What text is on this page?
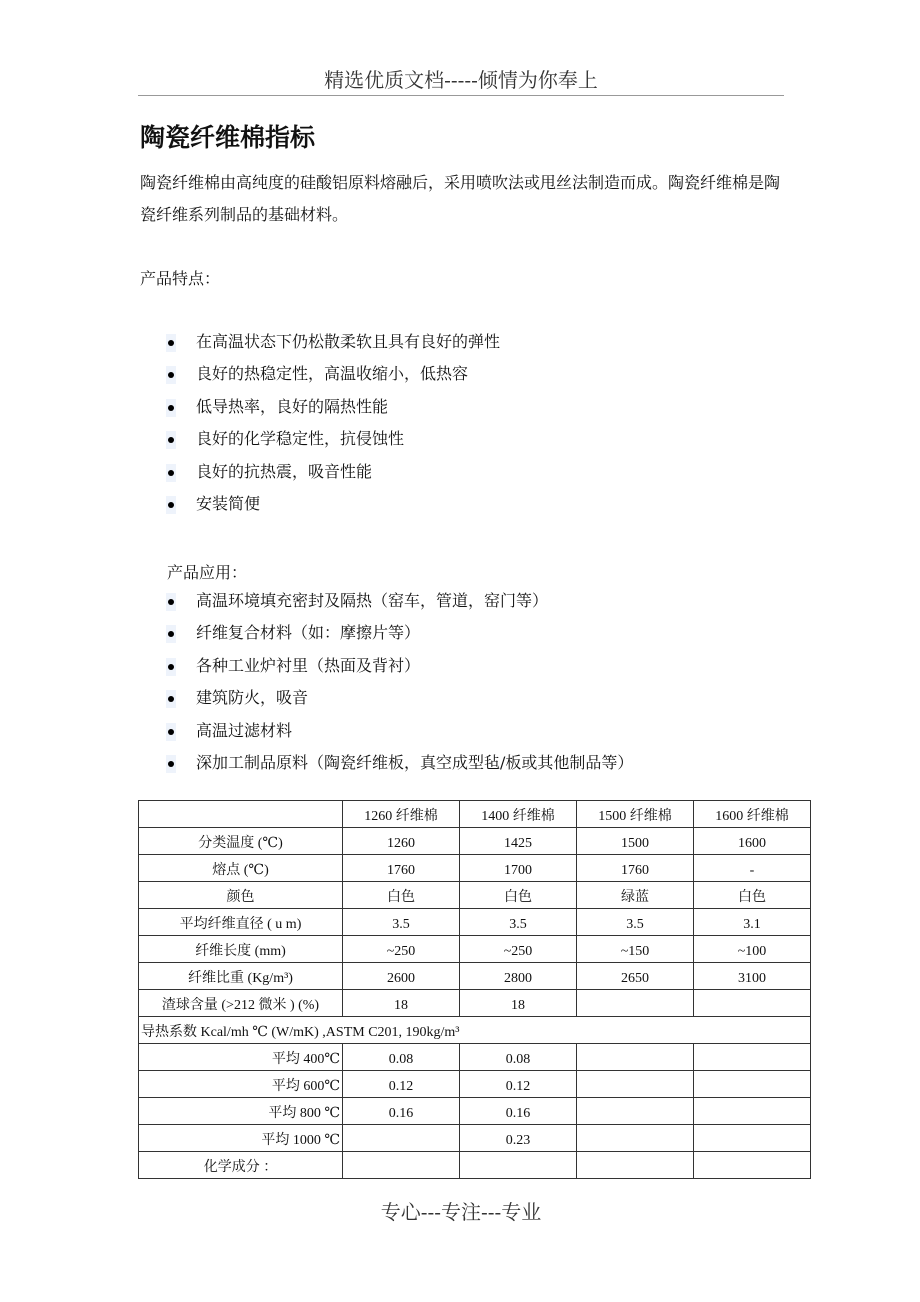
精选优质文档-----倾情为你奉上
陶瓷纤维棉指标
陶瓷纤维棉由高纯度的硅酸铝原料熔融后，采用喷吹法或甩丝法制造而成。陶瓷纤维棉是陶瓷纤维系列制品的基础材料。
产品特点：
在高温状态下仍松散柔软且具有良好的弹性
良好的热稳定性，高温收缩小，低热容
低导热率，良好的隔热性能
良好的化学稳定性，抗侵蚀性
良好的抗热震，吸音性能
安装简便
产品应用：
高温环境填充密封及隔热（窑车，管道，窑门等）
纤维复合材料（如：摩擦片等）
各种工业炉衬里（热面及背衬）
建筑防火，吸音
高温过滤材料
深加工制品原料（陶瓷纤维板，真空成型毡/板或其他制品等）
	1260 纤维棉	1400 纤维棉	1500 纤维棉	1600 纤维棉
分类温度 (℃)	1260	1425	1500	1600
熔点 (℃)	1760	1700	1760	-
颜色	白色	白色	绿蓝	白色
平均纤维直径 ( u m)	3.5	3.5	3.5	3.1
纤维长度 (mm)	~250	~250	~150	~100
纤维比重 (Kg/m³)	2600	2800	2650	3100
渣球含量 (>212 微米 ) (%)	18	18		
导热系数 Kcal/mh ℃ (W/mK) ,ASTM C201, 190kg/m³				
平均 400℃	0.08	0.08		
平均 600℃	0.12	0.12		
平均 800 ℃	0.16	0.16		
平均 1000 ℃		0.23		
化学成分 ：				
专心---专注---专业
